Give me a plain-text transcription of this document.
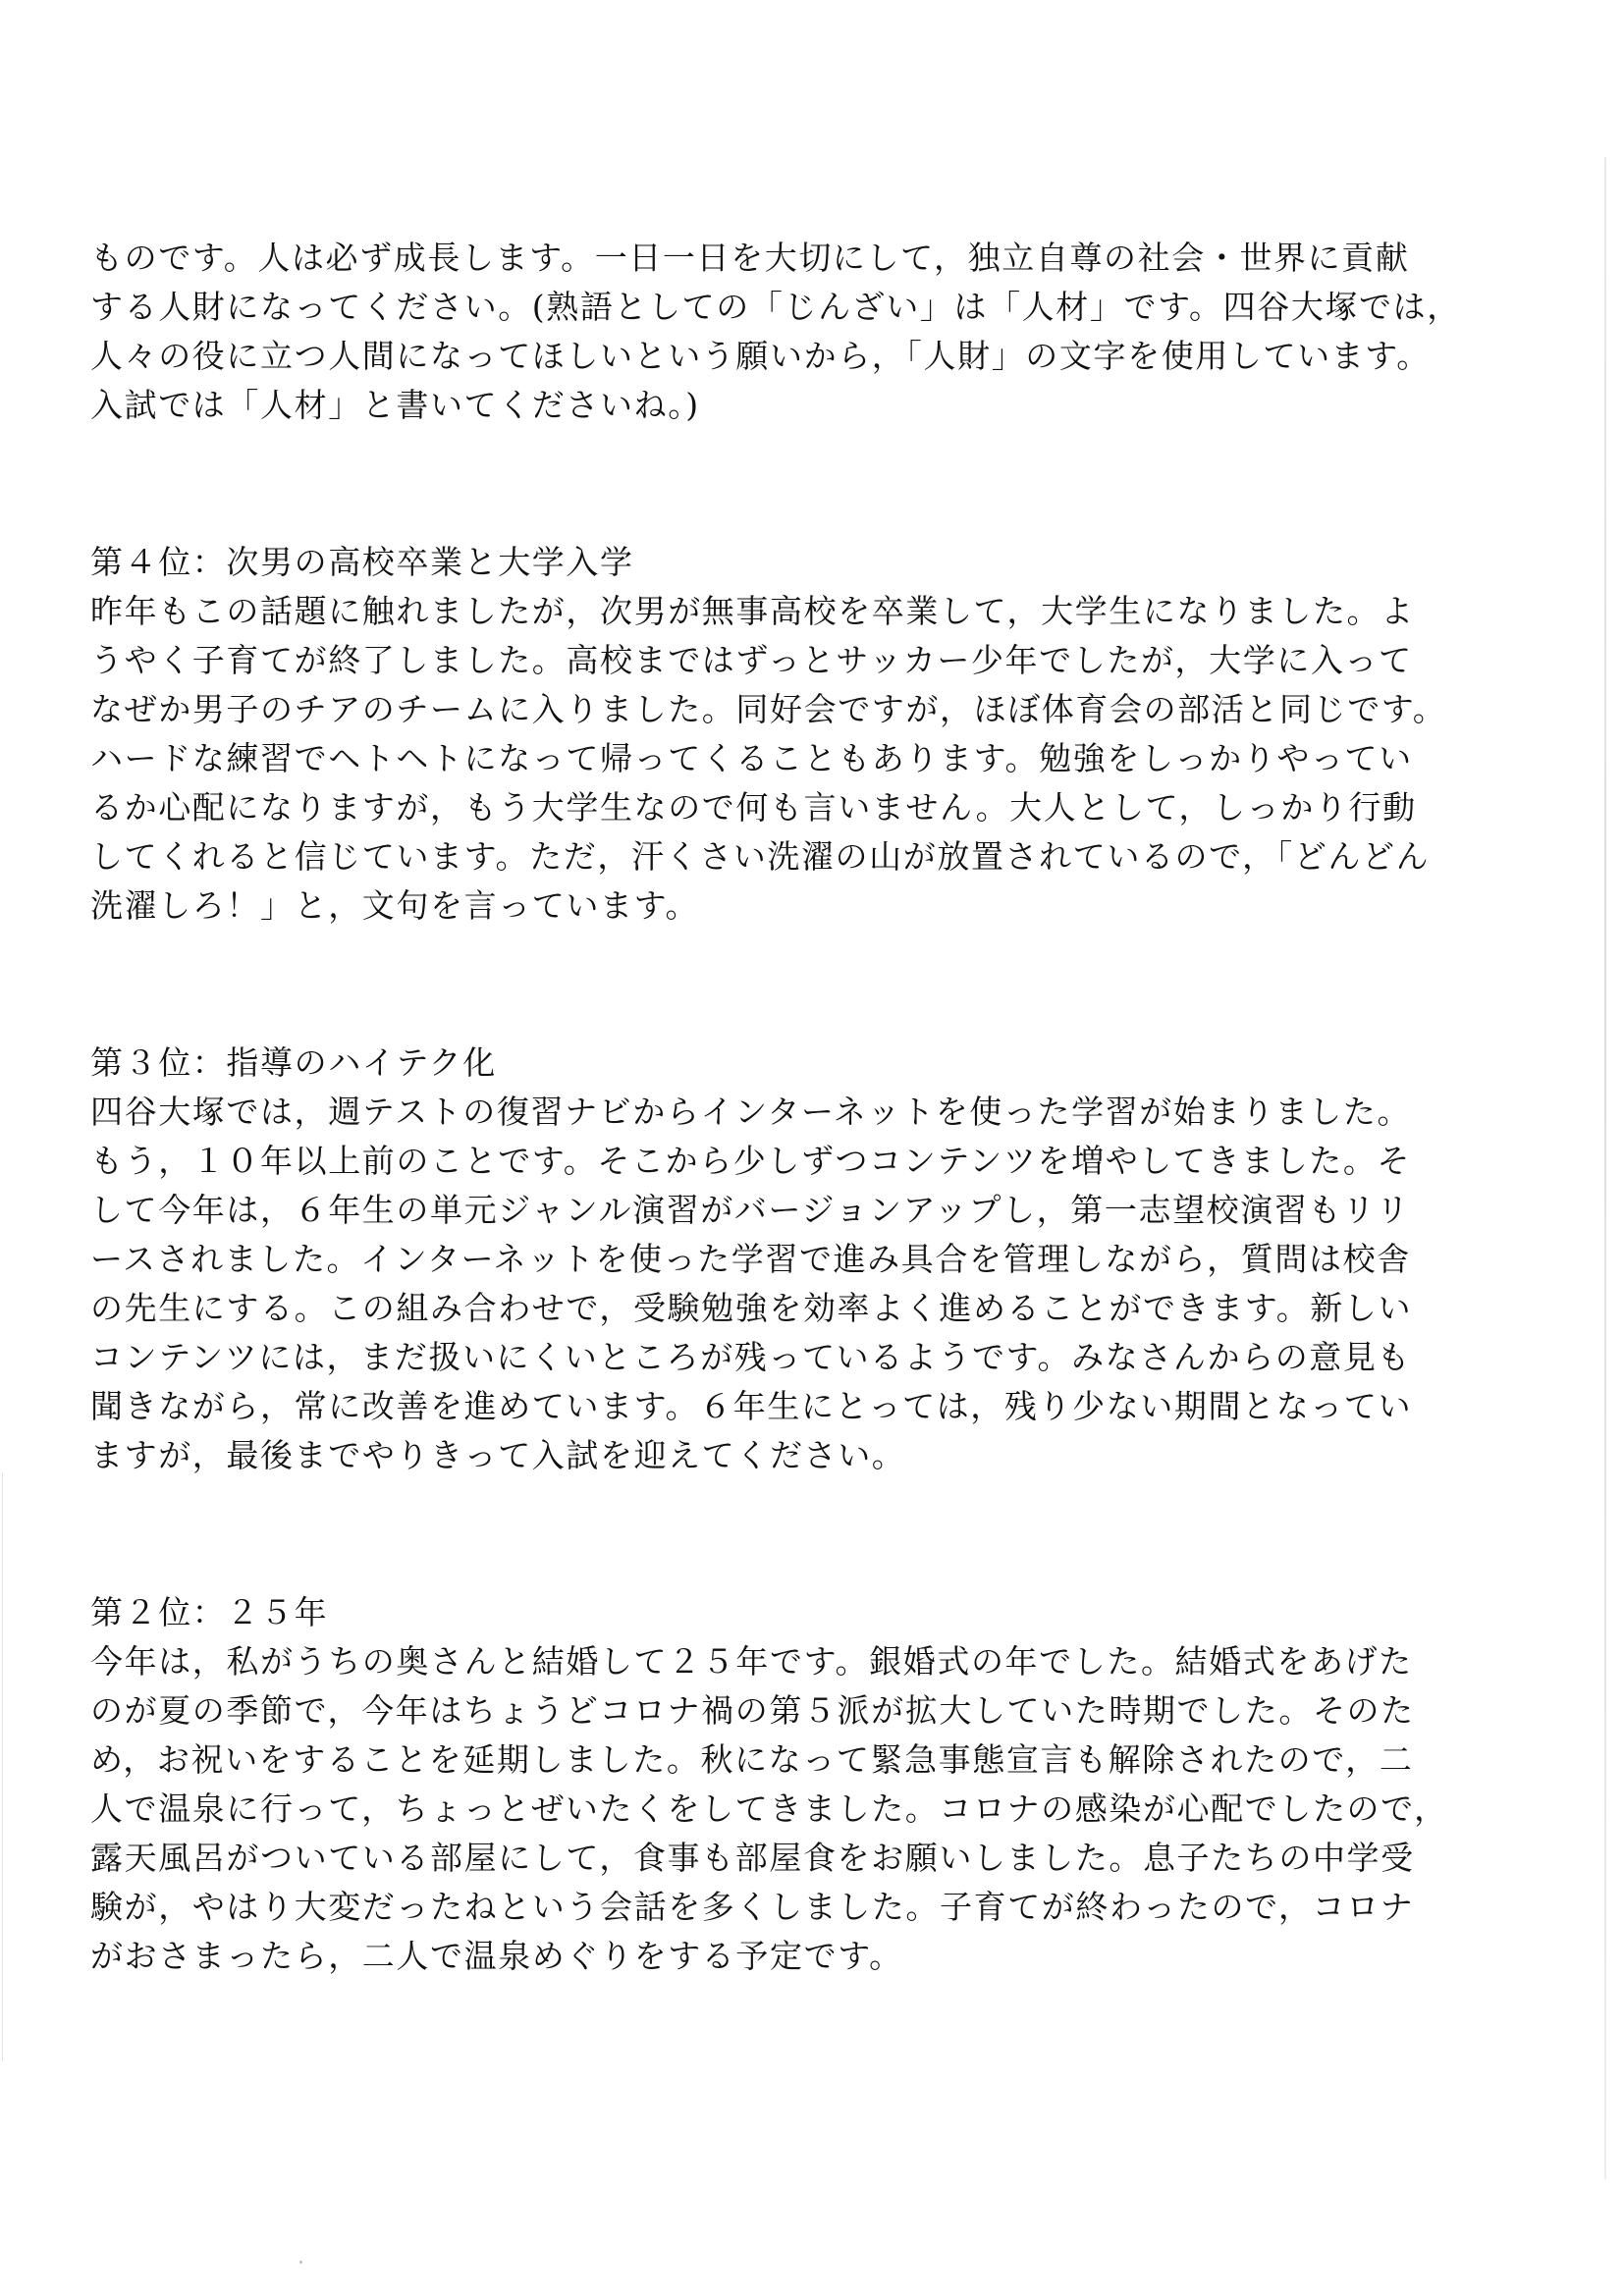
ものです。人は必ず成長します。一日一日を大切にして，独立自尊の社会・世界に貢献
する人財になってください。(熟語としての「じんざい」は「人材」です。四谷大塚では，
人々の役に立つ人間になってほしいという願いから，「人財」の文字を使用しています。
入試では「人材」と書いてくださいね。)
第４位：次男の高校卒業と大学入学
昨年もこの話題に触れましたが，次男が無事高校を卒業して，大学生になりました。よ
うやく子育てが終了しました。高校まではずっとサッカー少年でしたが，大学に入って
なぜか男子のチアのチームに入りました。同好会ですが，ほぼ体育会の部活と同じです。
ハードな練習でヘトヘトになって帰ってくることもあります。勉強をしっかりやってい
るか心配になりますが，もう大学生なので何も言いません。大人として，しっかり行動
してくれると信じています。ただ，汗くさい洗濯の山が放置されているので，「どんどん
洗濯しろ！」と，文句を言っています。
第３位：指導のハイテク化
四谷大塚では，週テストの復習ナビからインターネットを使った学習が始まりました。
もう，１０年以上前のことです。そこから少しずつコンテンツを増やしてきました。そ
して今年は，６年生の単元ジャンル演習がバージョンアップし，第一志望校演習もリリ
ースされました。インターネットを使った学習で進み具合を管理しながら，質問は校舎
の先生にする。この組み合わせで，受験勉強を効率よく進めることができます。新しい
コンテンツには，まだ扱いにくいところが残っているようです。みなさんからの意見も
聞きながら，常に改善を進めています。６年生にとっては，残り少ない期間となってい
ますが，最後までやりきって入試を迎えてください。
第２位：２５年
今年は，私がうちの奥さんと結婚して２５年です。銀婚式の年でした。結婚式をあげた
のが夏の季節で，今年はちょうどコロナ禍の第５派が拡大していた時期でした。そのた
め，お祝いをすることを延期しました。秋になって緊急事態宣言も解除されたので，二
人で温泉に行って，ちょっとぜいたくをしてきました。コロナの感染が心配でしたので，
露天風呂がついている部屋にして，食事も部屋食をお願いしました。息子たちの中学受
験が，やはり大変だったねという会話を多くしました。子育てが終わったので，コロナ
がおさまったら，二人で温泉めぐりをする予定です。
